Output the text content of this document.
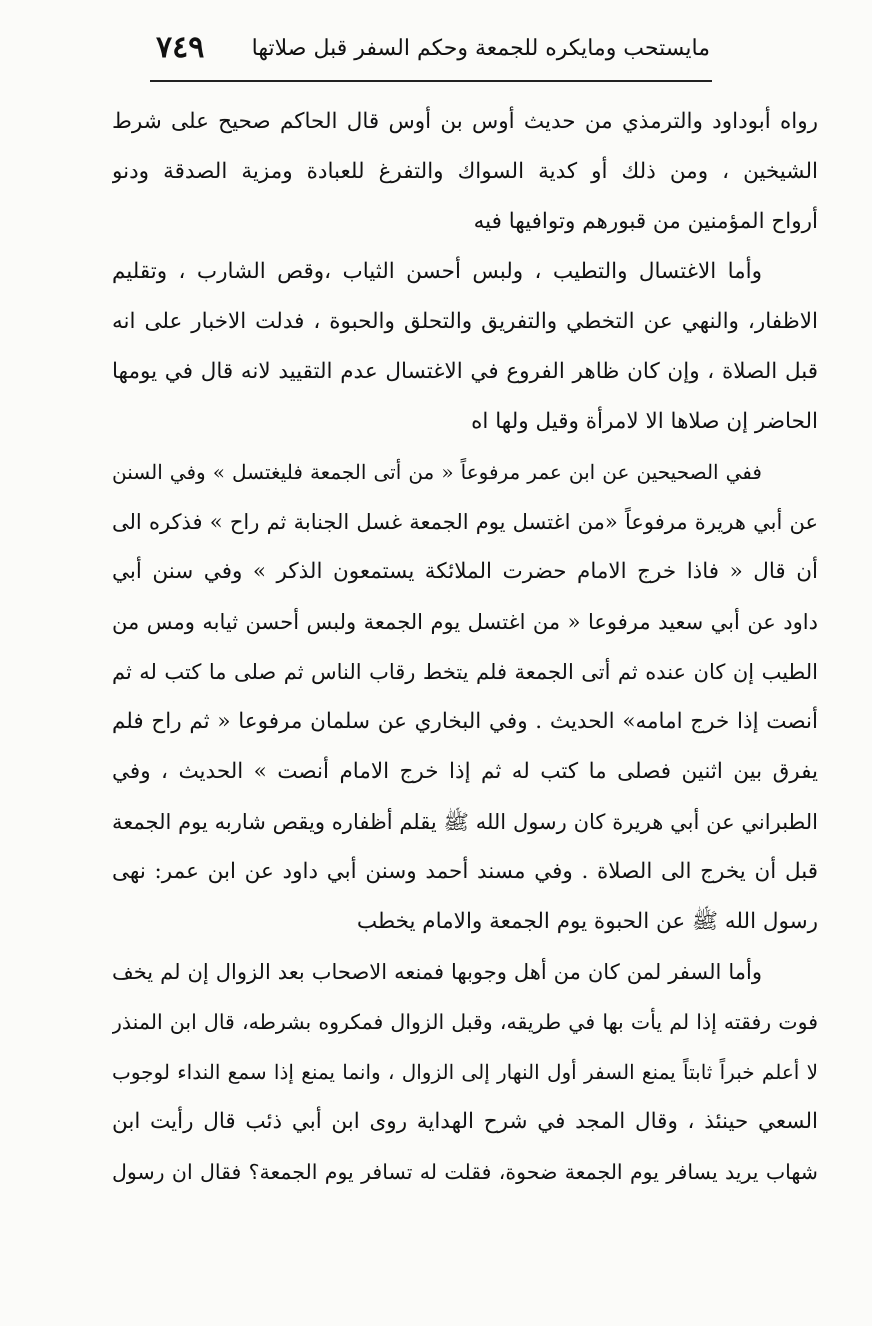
مايستحب ومايكره للجمعة وحكم السفر قبل صلاتها
٧٤٩
رواه أبوداود والترمذي من حديث أوس بن أوس قال الحاكم صحيح على شرط
الشيخين ، ومن ذلك أو كدية السواك والتفرغ للعبادة ومزية الصدقة ودنو
أرواح المؤمنين من قبورهم وتوافيها فيه
وأما الاغتسال والتطيب ، ولبس أحسن الثياب ،وقص الشارب ، وتقليم
الاظفار، والنهي عن التخطي والتفريق والتحلق والحبوة ، فدلت الاخبار على انه
قبل الصلاة ، وإن كان ظاهر الفروع في الاغتسال عدم التقييد لانه قال في يومها
الحاضر إن صلاها الا لامرأة وقيل ولها اه
ففي الصحيحين عن ابن عمر مرفوعاً « من أتى الجمعة فليغتسل » وفي السنن
عن أبي هريرة مرفوعاً «من اغتسل يوم الجمعة غسل الجنابة ثم راح » فذكره الى
أن قال « فاذا خرج الامام حضرت الملائكة يستمعون الذكر » وفي سنن أبي
داود عن أبي سعيد مرفوعا « من اغتسل يوم الجمعة ولبس أحسن ثيابه ومس من
الطيب إن كان عنده ثم أتى الجمعة فلم يتخط رقاب الناس ثم صلى ما كتب له ثم
أنصت إذا خرج امامه» الحديث . وفي البخاري عن سلمان مرفوعا « ثم راح فلم
يفرق بين اثنين فصلى ما كتب له ثم إذا خرج الامام أنصت » الحديث ، وفي
الطبراني عن أبي هريرة كان رسول الله ﷺ يقلم أظفاره ويقص شاربه يوم الجمعة
قبل أن يخرج الى الصلاة . وفي مسند أحمد وسنن أبي داود عن ابن عمر: نهى
رسول الله ﷺ عن الحبوة يوم الجمعة والامام يخطب
وأما السفر لمن كان من أهل وجوبها فمنعه الاصحاب بعد الزوال إن لم يخف
فوت رفقته إذا لم يأت بها في طريقه، وقبل الزوال فمكروه بشرطه، قال ابن المنذر
لا أعلم خبراً ثابتاً يمنع السفر أول النهار إلى الزوال ، وانما يمنع إذا سمع النداء لوجوب
السعي حينئذ ، وقال المجد في شرح الهداية روى ابن أبي ذئب قال رأيت ابن
شهاب يريد يسافر يوم الجمعة ضحوة، فقلت له تسافر يوم الجمعة؟ فقال ان رسول
